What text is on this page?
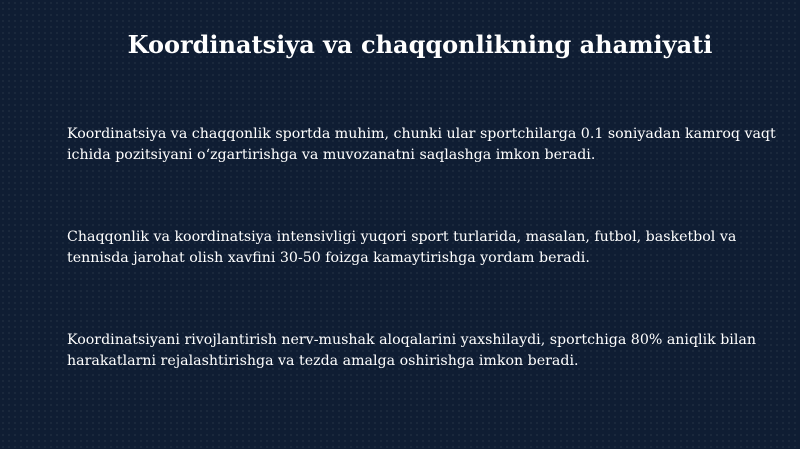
Koordinatsiya va chaqqonlikning ahamiyati

Koordinatsiya va chaqqonlik sportda muhim, chunki ular sportchilarga 0.1 soniyadan kamroq vaqt ichida pozitsiyani o‘zgartirishga va muvozanatni saqlashga imkon beradi.

Chaqqonlik va koordinatsiya intensivligi yuqori sport turlarida, masalan, futbol, basketbol va tennisda jarohat olish xavfini 30-50 foizga kamaytirishga yordam beradi.

Koordinatsiyani rivojlantirish nerv-mushak aloqalarini yaxshilaydi, sportchiga 80% aniqlik bilan harakatlarni rejalashtirishga va tezda amalga oshirishga imkon beradi.
